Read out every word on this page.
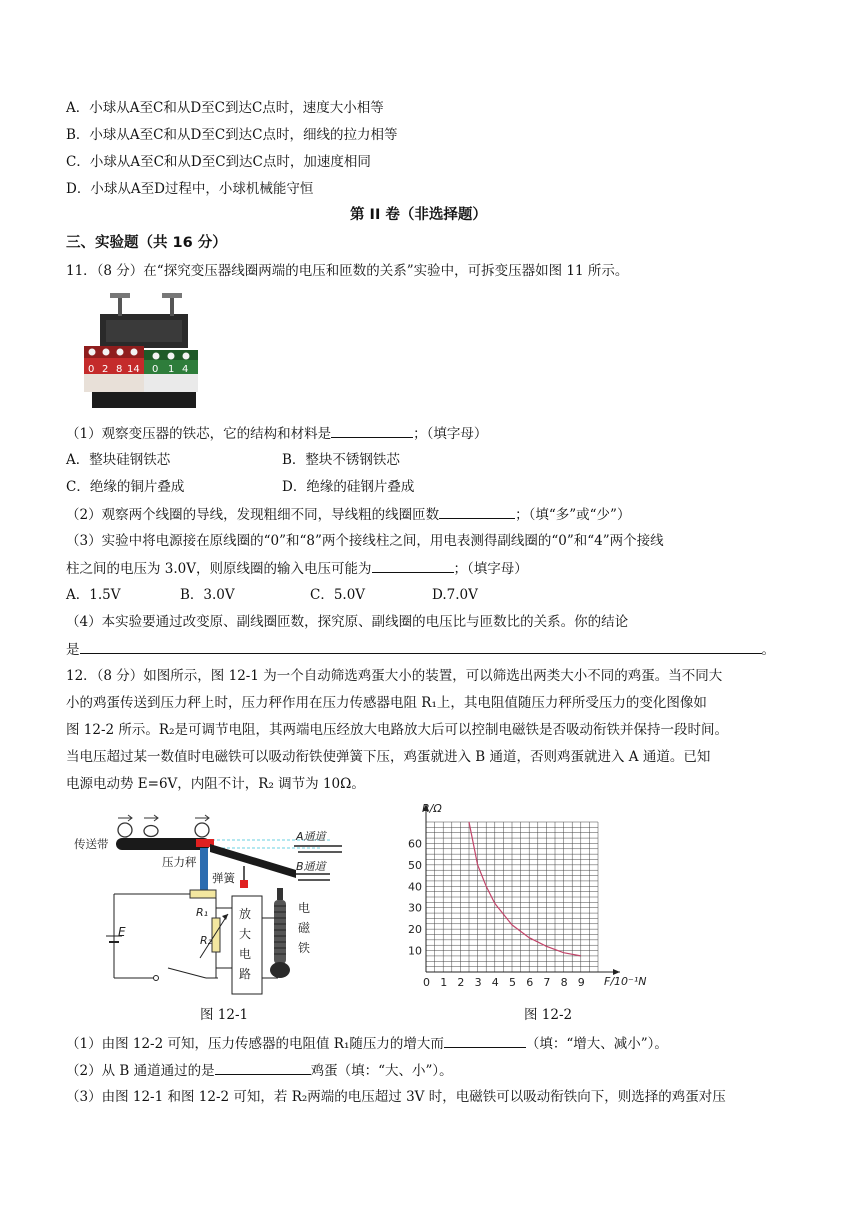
A．小球从A至C和从D至C到达C点时，速度大小相等
B．小球从A至C和从D至C到达C点时，细线的拉力相等
C．小球从A至C和从D至C到达C点时，加速度相同
D．小球从A至D过程中，小球机械能守恒
第 II 卷（非选择题）
三、实验题（共 16 分）
11．（8 分）在“探究变压器线圈两端的电压和匝数的关系”实验中，可拆变压器如图 11 所示。
0 2 8 14 0 1 4
（1）观察变压器的铁芯，它的结构和材料是	；（填字母）
A．整块硅钢铁芯	B．整块不锈钢铁芯
C．绝缘的铜片叠成	D．绝缘的硅钢片叠成
（2）观察两个线圈的导线，发现粗细不同，导线粗的线圈匝数	；（填“多”或“少”）
（3）实验中将电源接在原线圈的“0”和“8”两个接线柱之间，用电表测得副线圈的“0”和“4”两个接线
柱之间的电压为 3.0V，则原线圈的输入电压可能为	；（填字母）
A．1.5V	B．3.0V	C．5.0V	D.7.0V
（4）本实验要通过改变原、副线圈匝数，探究原、副线圈的电压比与匝数比的关系。你的结论
是	。
12．（8 分）如图所示，图 12-1 为一个自动筛选鸡蛋大小的装置，可以筛选出两类大小不同的鸡蛋。当不同大
小的鸡蛋传送到压力秤上时，压力秤作用在压力传感器电阻 R₁上，其电阻值随压力秤所受压力的变化图像如
图 12-2 所示。R₂是可调节电阻，其两端电压经放大电路放大后可以控制电磁铁是否吸动衔铁并保持一段时间。
当电压超过某一数值时电磁铁可以吸动衔铁使弹簧下压，鸡蛋就进入 B 通道，否则鸡蛋就进入 A 通道。已知
电源电动势 E=6V，内阻不计，R₂ 调节为 10Ω。
传送带
A通道
B通道
压力秤
弹簧
R₁
E
R₂
放
大
电
路
电
磁
铁
图 12-1
0 1 2 3 4 5 6 7 8 9
10
20
30
40
50
60
R/Ω
F/10⁻¹N
图 12-2
（1）由图 12-2 可知，压力传感器的电阻值 R₁随压力的增大而	（填：“增大、减小”）。
（2）从 B 通道通过的是	鸡蛋（填：“大、小”）。
（3）由图 12-1 和图 12-2 可知，若 R₂两端的电压超过 3V 时，电磁铁可以吸动衔铁向下，则选择的鸡蛋对压
